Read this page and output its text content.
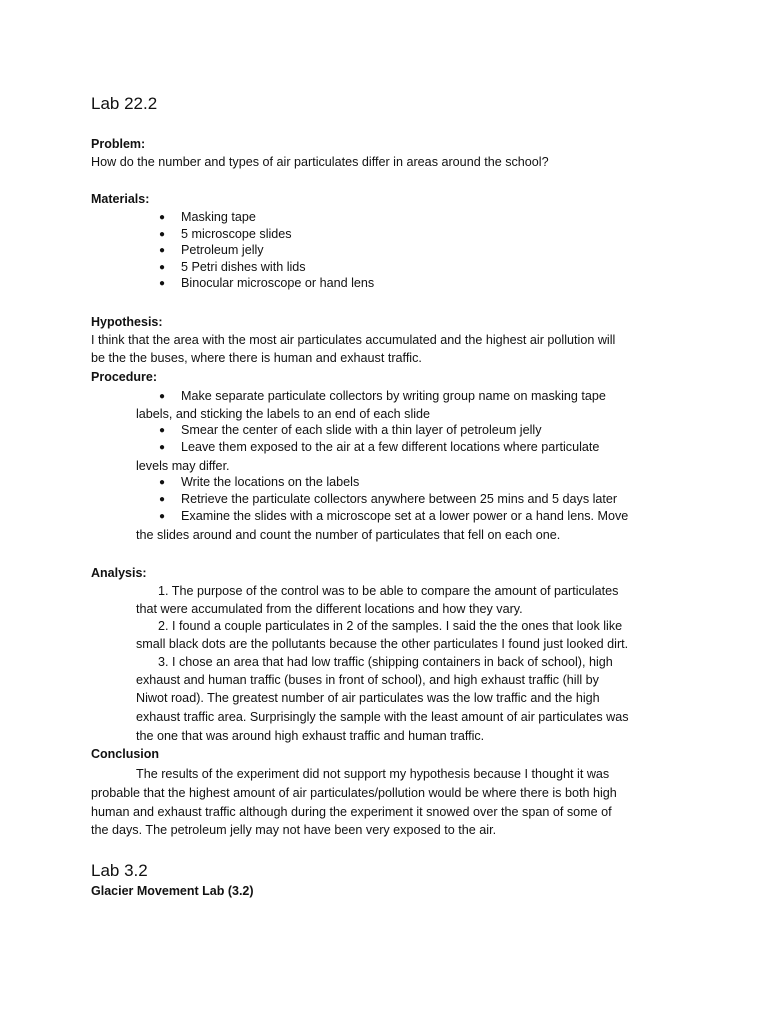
Lab 22.2
Problem:
How do the number and types of air particulates differ in areas around the school?
Materials:
● Masking tape
● 5 microscope slides
● Petroleum jelly
● 5 Petri dishes with lids
● Binocular microscope or hand lens
Hypothesis:
I think that the area with the most air particulates accumulated and the highest air pollution will
be the the buses, where there is human and exhaust traffic.
Procedure:
● Make separate particulate collectors by writing group name on masking tape
labels, and sticking the labels to an end of each slide
● Smear the center of each slide with a thin layer of petroleum jelly
● Leave them exposed to the air at a few different locations where particulate
levels may differ.
● Write the locations on the labels
● Retrieve the particulate collectors anywhere between 25 mins and 5 days later
● Examine the slides with a microscope set at a lower power or a hand lens. Move
the slides around and count the number of particulates that fell on each one.
Analysis:
1. The purpose of the control was to be able to compare the amount of particulates
that were accumulated from the different locations and how they vary.
2. I found a couple particulates in 2 of the samples. I said the the ones that look like
small black dots are the pollutants because the other particulates I found just looked dirt.
3. I chose an area that had low traffic (shipping containers in back of school), high
exhaust and human traffic (buses in front of school), and high exhaust traffic (hill by
Niwot road). The greatest number of air particulates was the low traffic and the high
exhaust traffic area. Surprisingly the sample with the least amount of air particulates was
the one that was around high exhaust traffic and human traffic.
Conclusion
The results of the experiment did not support my hypothesis because I thought it was
probable that the highest amount of air particulates/pollution would be where there is both high
human and exhaust traffic although during the experiment it snowed over the span of some of
the days. The petroleum jelly may not have been very exposed to the air.
Lab 3.2
Glacier Movement Lab (3.2)
